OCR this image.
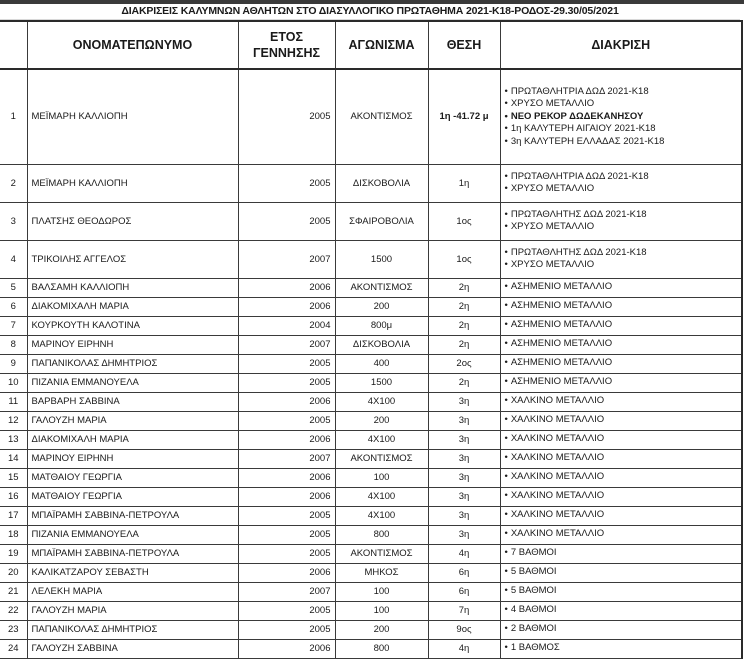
ΔΙΑΚΡΙΣΕΙΣ ΚΑΛΥΜΝΩΝ ΑΘΛΗΤΩΝ ΣΤΟ ΔΙΑΣΥΛΛΟΓΙΚΟ ΠΡΩΤΑΘΗΜΑ 2021-Κ18-ΡΟΔΟΣ-29.30/05/2021
	ΟΝΟΜΑΤΕΠΩΝΥΜΟ	ΕΤΟΣ
ΓΕΝΝΗΣΗΣ	ΑΓΩΝΙΣΜΑ	ΘΕΣΗ	ΔΙΑΚΡΙΣΗ
1	ΜΕΪΜΑΡΗ ΚΑΛΛΙΟΠΗ	2005	ΑΚΟΝΤΙΣΜΟΣ	1η -41.72 μ	• ΠΡΩΤΑΘΛΗΤΡΙΑ ΔΩΔ 2021-Κ18
• ΧΡΥΣΟ ΜΕΤΑΛΛΙΟ
• ΝΕΟ ΡΕΚΟΡ ΔΩΔΕΚΑΝΗΣΟΥ
• 1η ΚΑΛΥΤΕΡΗ ΑΙΓΑΙΟΥ 2021-Κ18
• 3η ΚΑΛΥΤΕΡΗ ΕΛΛΑΔΑΣ 2021-Κ18

2	ΜΕΪΜΑΡΗ ΚΑΛΛΙΟΠΗ	2005	ΔΙΣΚΟΒΟΛΙΑ	1η	• ΠΡΩΤΑΘΛΗΤΡΙΑ ΔΩΔ 2021-Κ18
• ΧΡΥΣΟ ΜΕΤΑΛΛΙΟ

3	ΠΛΑΤΣΗΣ ΘΕΟΔΩΡΟΣ	2005	ΣΦΑΙΡΟΒΟΛΙΑ	1ος	• ΠΡΩΤΑΘΛΗΤΗΣ ΔΩΔ 2021-Κ18
• ΧΡΥΣΟ ΜΕΤΑΛΛΙΟ

4	ΤΡΙΚΟΙΛΗΣ ΑΓΓΕΛΟΣ	2007	1500	1ος	• ΠΡΩΤΑΘΛΗΤΗΣ ΔΩΔ 2021-Κ18
• ΧΡΥΣΟ ΜΕΤΑΛΛΙΟ

5	ΒΑΛΣΑΜΗ ΚΑΛΛΙΟΠΗ	2006	ΑΚΟΝΤΙΣΜΟΣ	2η	• ΑΣΗΜΕΝΙΟ ΜΕΤΑΛΛΙΟ

6	ΔΙΑΚΟΜΙΧΑΛΗ ΜΑΡΙΑ	2006	200	2η	• ΑΣΗΜΕΝΙΟ ΜΕΤΑΛΛΙΟ

7	ΚΟΥΡΚΟΥΤΗ ΚΑΛΟΤΙΝΑ	2004	800μ	2η	• ΑΣΗΜΕΝΙΟ ΜΕΤΑΛΛΙΟ

8	ΜΑΡΙΝΟΥ ΕΙΡΗΝΗ	2007	ΔΙΣΚΟΒΟΛΙΑ	2η	• ΑΣΗΜΕΝΙΟ ΜΕΤΑΛΛΙΟ

9	ΠΑΠΑΝΙΚΟΛΑΣ ΔΗΜΗΤΡΙΟΣ	2005	400	2ος	• ΑΣΗΜΕΝΙΟ ΜΕΤΑΛΛΙΟ

10	ΠΙΖΑΝΙΑ ΕΜΜΑΝΟΥΕΛΑ	2005	1500	2η	• ΑΣΗΜΕΝΙΟ ΜΕΤΑΛΛΙΟ

11	ΒΑΡΒΑΡΗ ΣΑΒΒΙΝΑ	2006	4Χ100	3η	• ΧΑΛΚΙΝΟ ΜΕΤΑΛΛΙΟ

12	ΓΑΛΟΥΖΗ ΜΑΡΙΑ	2005	200	3η	• ΧΑΛΚΙΝΟ ΜΕΤΑΛΛΙΟ

13	ΔΙΑΚΟΜΙΧΑΛΗ ΜΑΡΙΑ	2006	4Χ100	3η	• ΧΑΛΚΙΝΟ ΜΕΤΑΛΛΙΟ

14	ΜΑΡΙΝΟΥ ΕΙΡΗΝΗ	2007	ΑΚΟΝΤΙΣΜΟΣ	3η	• ΧΑΛΚΙΝΟ ΜΕΤΑΛΛΙΟ

15	ΜΑΤΘΑΙΟΥ ΓΕΩΡΓΙΑ	2006	100	3η	• ΧΑΛΚΙΝΟ ΜΕΤΑΛΛΙΟ

16	ΜΑΤΘΑΙΟΥ ΓΕΩΡΓΙΑ	2006	4Χ100	3η	• ΧΑΛΚΙΝΟ ΜΕΤΑΛΛΙΟ

17	ΜΠΑΪΡΑΜΗ ΣΑΒΒΙΝΑ-ΠΕΤΡΟΥΛΑ	2005	4Χ100	3η	• ΧΑΛΚΙΝΟ ΜΕΤΑΛΛΙΟ

18	ΠΙΖΑΝΙΑ ΕΜΜΑΝΟΥΕΛΑ	2005	800	3η	• ΧΑΛΚΙΝΟ ΜΕΤΑΛΛΙΟ

19	ΜΠΑΪΡΑΜΗ ΣΑΒΒΙΝΑ-ΠΕΤΡΟΥΛΑ	2005	ΑΚΟΝΤΙΣΜΟΣ	4η	• 7 ΒΑΘΜΟΙ

20	ΚΑΛΙΚΑΤΖΑΡΟΥ ΣΕΒΑΣΤΗ	2006	ΜΗΚΟΣ	6η	• 5 ΒΑΘΜΟΙ

21	ΛΕΛΕΚΗ ΜΑΡΙΑ	2007	100	6η	• 5 ΒΑΘΜΟΙ

22	ΓΑΛΟΥΖΗ ΜΑΡΙΑ	2005	100	7η	• 4 ΒΑΘΜΟΙ

23	ΠΑΠΑΝΙΚΟΛΑΣ ΔΗΜΗΤΡΙΟΣ	2005	200	9ος	• 2 ΒΑΘΜΟΙ

24	ΓΑΛΟΥΖΗ ΣΑΒΒΙΝΑ	2006	800	4η	• 1 ΒΑΘΜΟΣ
